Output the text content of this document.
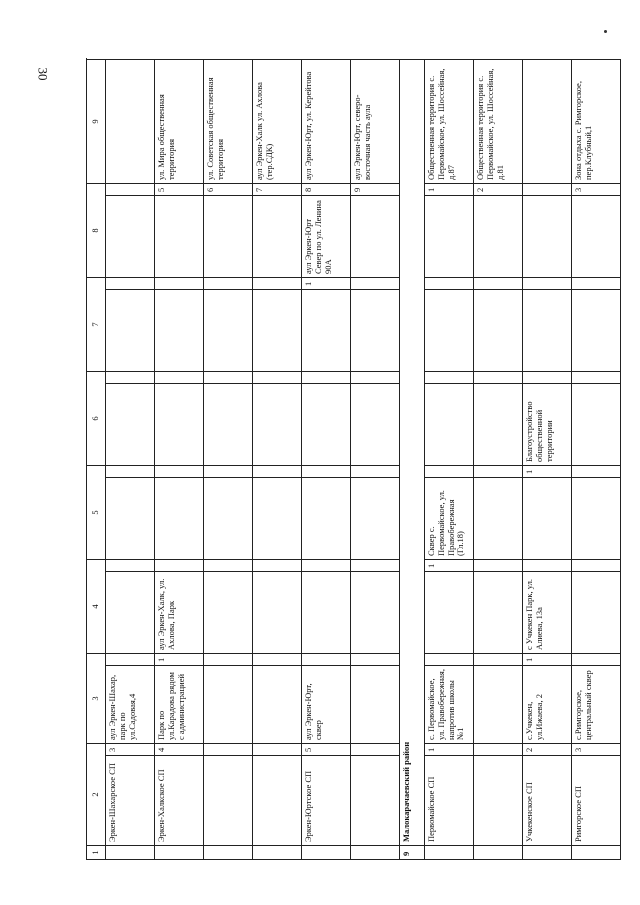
30
1	2		3		4		5		6		7		8		9
	Эркен-Шахарское СП	3	аул Эркен-Шахар, парк по ул.Садовая,4												
	Эркен-Халкское СП	4	Парк по ул.Карадова рядом с администрацией	1	аул Эркен-Халк, ул. Ахлова, Парк									5	ул. Мира общественная территория
														6	ул. Советская общественная территория
														7	аул Эркен-Халк ул. Ахлова (тер.СДК)
	Эркен-Юртское СП	5	аул Эркен-Юрт, сквер									1	аул Эркен-Юрт Север по ул. Ленина 90А	8	аул Эркен-Юрт, ул. Керейтова
														9	аул Эркен-Юрт, северо-восточная часть аула
9	Малокарачаевский район														
	Первомайское СП	1	с. Первомайское, ул. Правобережная, напротив школы №1			1	Сквер с. Первомайское, ул. Правобережная (Гл.18)							1	Общественная территория с. Первомайское, ул. Шоссейная, д.87
														2	Общественная территория с. Первомайское, ул. Шоссейная, д.81
	Учкекенское СП	2	с.Учкекен, ул.Ижаева, 2	1	с Учкекен Парк, ул. Алиева, 13а			1	Благоустройство общественной территории						
	Римгорское СП	3	с.Римгорское, центральный сквер											3	Зона отдыха с. Римгорское, пер.Клубный,1
